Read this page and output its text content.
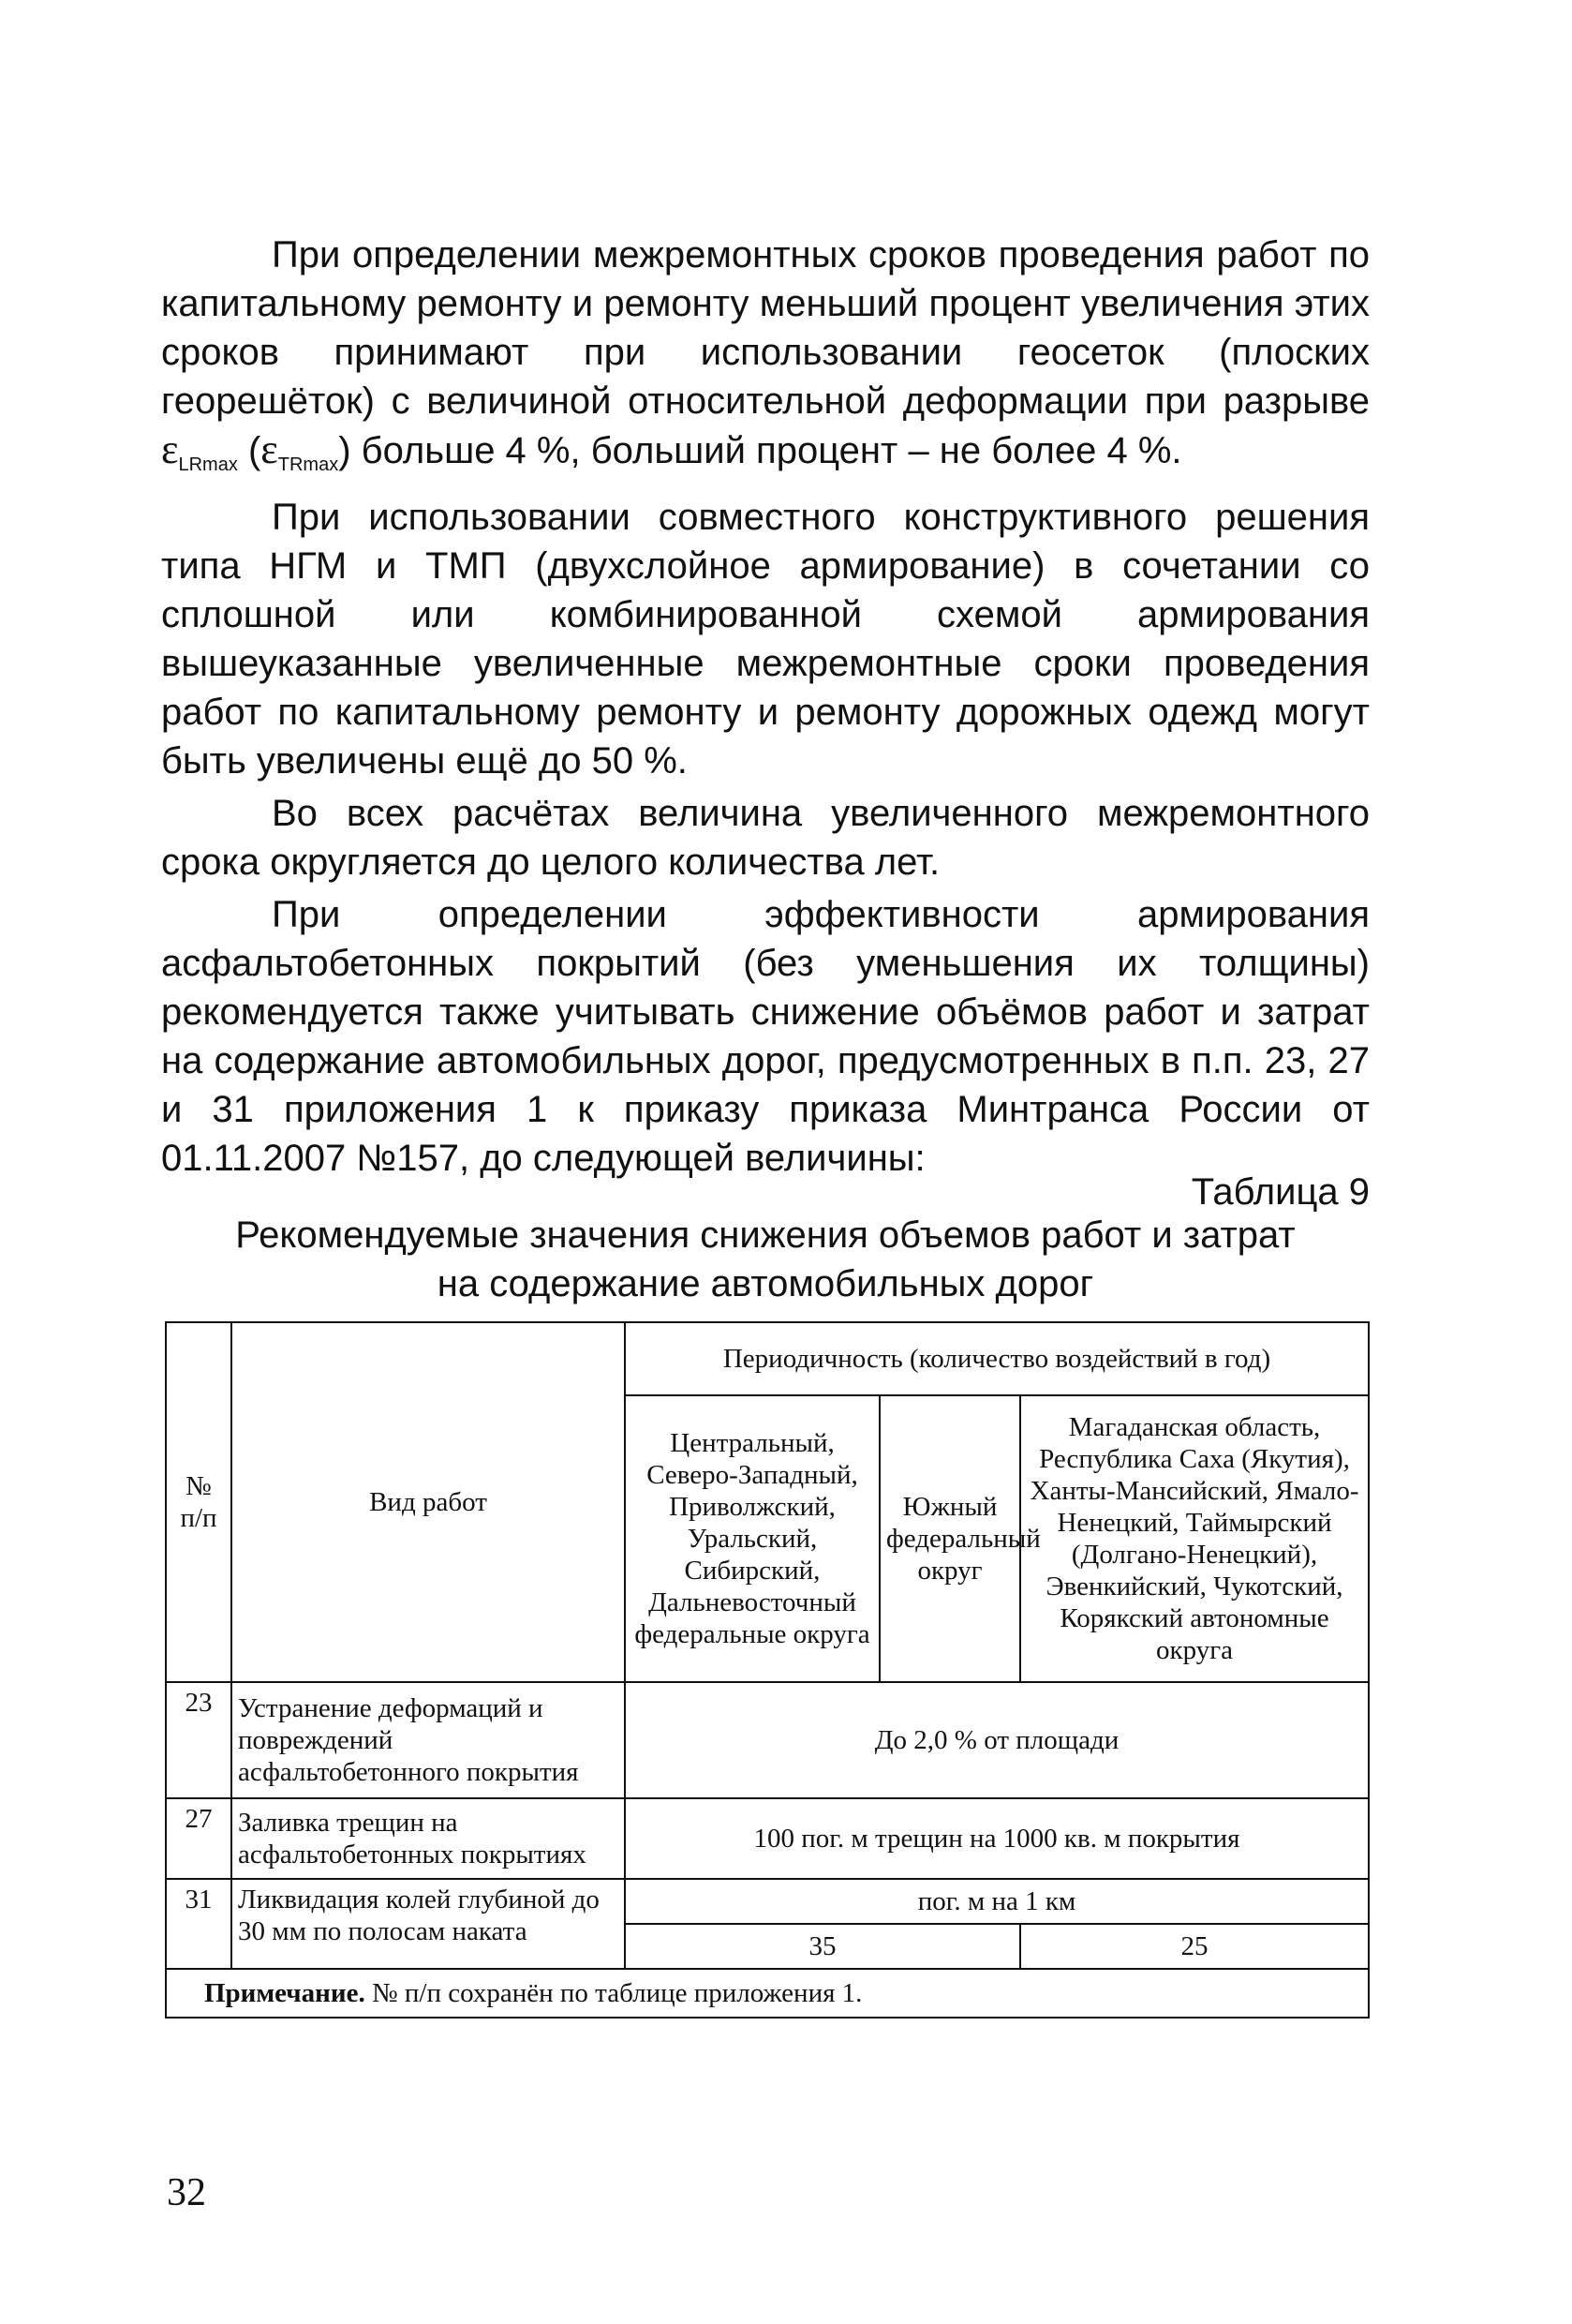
При определении межремонтных сроков проведения работ по капитальному ремонту и ремонту меньший процент увеличения этих сроков принимают при использовании геосеток (плоских георешёток) с величиной относительной деформации при разрыве $\varepsilon_{LRmax}$ $(\varepsilon_{TRmax})$ больше 4 %, больший процент – не более 4 %.

При использовании совместного конструктивного решения типа НГМ и ТМП (двухслойное армирование) в сочетании со сплошной или комбинированной схемой армирования вышеуказанные увеличенные межремонтные сроки проведения работ по капитальному ремонту и ремонту дорожных одежд могут быть увеличены ещё до 50 %.

Во всех расчётах величина увеличенного межремонтного срока округляется до целого количества лет.

При определении эффективности армирования асфальтобетонных покрытий (без уменьшения их толщины) рекомендуется также учитывать снижение объёмов работ и затрат на содержание автомобильных дорог, предусмотренных в п.п. 23, 27 и 31 приложения 1 к приказу приказа Минтранса России от 01.11.2007 №157, до следующей величины:

Таблица 9
Рекомендуемые значения снижения объемов работ и затрат
на содержание автомобильных дорог
№ п/п	Вид работ	Периодичность (количество воздействий в год)		
		Центральный, Северо-Западный, Приволжский, Уральский, Сибирский, Дальневосточный федеральные округа	Южный федеральный округ	Магаданская область, Республика Саха (Якутия), Ханты-Мансийский, Ямало-Ненецкий, Таймырский (Долгано-Ненецкий), Эвенкийский, Чукотский, Корякский автономные округа
23	Устранение деформаций и повреждений асфальтобетонного покрытия	До 2,0 % от площади		
27	Заливка трещин на асфальтобетонных покрытиях	100 пог. м трещин на 1000 кв. м покрытия		
31	Ликвидация колей глубиной до 30 мм по полосам наката	пог. м на 1 км		
		35		25
Примечание. № п/п сохранён по таблице приложения 1.				
32
